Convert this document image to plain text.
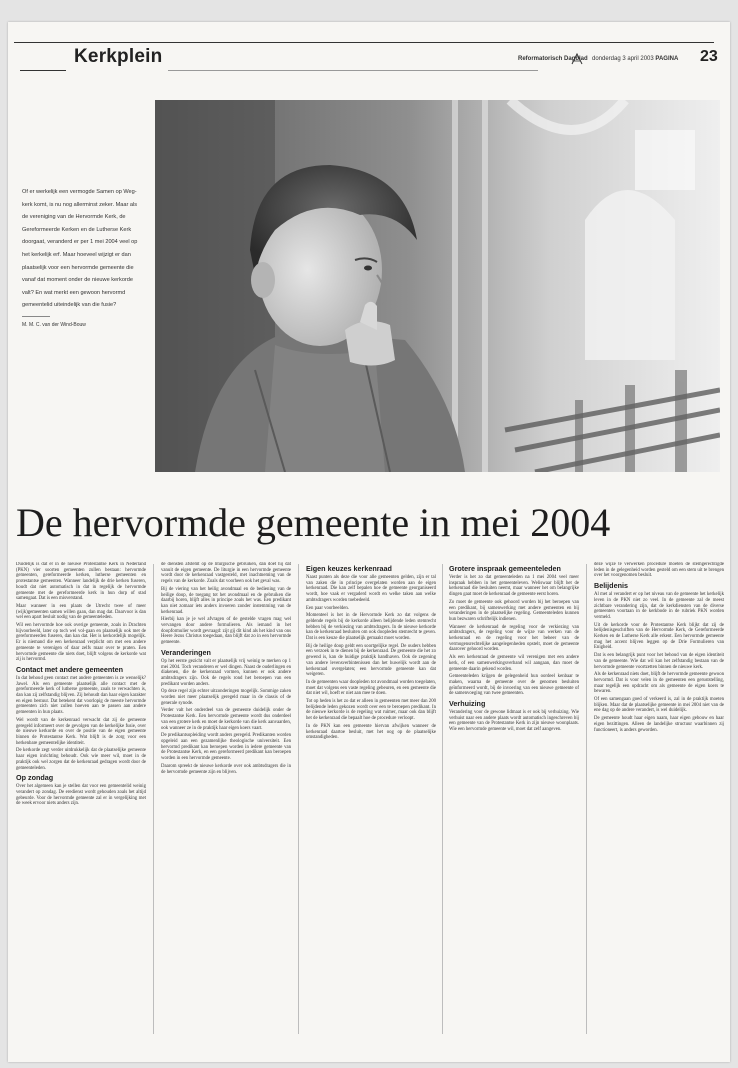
Kerkplein	Reformatorisch Dagblad donderdag 3 april 2003 PAGINA 23
Of er werkelijk een vermogde Samen op Weg-kerk komt, is nu nog allerminst zeker. Maar als de vereniging van de Hervormde Kerk, de Gereformeerde Kerken en de Lutherse Kerk doorgaat, veranderd er per 1 mei 2004 veel op het kerkelijk erf. Maar hoeveel wijzigt er dan plaatselijk voor een hervormde gemeente die vanaf dat moment onder de nieuwe kerkorde valt? En wat merkt een gewoon hervormd gemeentelid uiteindelijk van die fusie?
M. M. C. van der Wind-Bouw
De hervormde gemeente in mei 2004

Duidelijk is dat er in de nieuwe Protestantse Kerk in Nederland (PKN) vier soorten gemeenten zullen bestaan: hervormde gemeenten, gereformeerde kerken, lutherse gemeenten en protestantse gemeenten. Wanneer landelijk de drie kerken fuseren, houdt dat niet automatisch in dat in regelijk de hervormde gemeente met de gereformeerde kerk in hun dorp of stad samengaat. Dat is een misverstand.

Maar wanneer in een plaats de Utrecht twee of meer (wijk)gemeenten samen willen gaan, dan mag dat. Daarvoor is dan wel een apart besluit nodig van de gemeenteleden.

Wil een hervormde hoe ook overige gemeente, zoals in Drachten hijvoorbeeld, later op toch wel vol-gaan en plaatselijk ook met de gereformeerden fuseren, dan kan dat. Het is kerkordelijk mogelijk. Er is niemand die een kerkenraad verplicht om met een andere gemeente te verenigen of daar zelfs maar over te praten. Een hervormde gemeente die niets doet, blijft volgens de kerkorde wat zij is hervormd.

Contact met andere gemeenten

In dat behoud geen contact met andere gemeenten is ze wenselijk? Jawel. Als een gemeente plaatselijk alle contact met de gereformeerde kerk of lutherse gemeente, zoals te verwachten is, dan kan zij zelfstandig blijven. Zij behoudt dan haar eigen karakter en eigen bestuur. Dat betekent dat voorlopig de meeste hervormde gemeenten zich niet zullen hoeven aan te passen aan andere gemeenten in hun plaats.

Wel wordt van de kerkenraad verwacht dat zij de gemeente geregeld informeert over de gevolgen van de kerkelijke fusie, over de nieuwe kerkorde en over de positie van de eigen gemeente binnen de Protestantse Kerk. Wat blijft is de zorg voor een herkenbare gemeentelijke identiteit.

De kerkorde zegt verder uitdrukkelijk dat de plaatselijke gemeente haar eigen inrichting behoudt. Ook wie meer wil, moet in de praktijk ook wel zorgen dat de kerkenraad gedragen wordt door de gemeenteleden.

Op zondag

Over het algemeen kan je stellen dat voor een gemeentelid weinig verandert op zondag. De eredienst wordt gehouden zoals het altijd gebeurde. Voor de hervormde gemeente zal er in vergelijking met de week ervoor niets anders zijn.

de diensten afstemt op de liturgische gebruiken, dan doet hij dat vanuit de eigen gemeente. De liturgie in een hervormde gemeente wordt door de kerkenraad vastgesteld, met inachtneming van de regels van de kerkorde. Zoals dat voorheen ook het geval was.

Bij de viering van het heilig avondmaal en de bediening van de heilige doop, de toegang tot het avondmaal en de gebruiken die daarbij horen, blijft alles in principe zoals het was. Een predikant kan niet zomaar iets anders invoeren zonder instemming van de kerkenraad.

Hierbij kan je je wel afvragen of de gestelde vragen mag wel vervangen door andere formulieren. Als iemand in het doopformulier wordt gevraagd: zijt gij dit kind als het kind van ons Heere Jezus Christus toegedaan, dan blijft dat zo in een hervormde gemeente.

Veranderingen

Op het eerste gezicht valt er plaatselijk vrij weinig te merken op 1 mei 2004. Toch veranderen er wel dingen. Naast de ouderlingen en diakenen, die de kerkenraad vormen, kunnen er ook andere ambtsdragers zijn. Ook de regels rond het beroepen van een predikant worden anders.

Op deze regel zijn echter uitzonderingen mogelijk. Sommige zaken worden niet meer plaatselijk geregeld maar in de classis of de generale synode.

Verder valt het onderdeel van de gemeente duidelijk onder de Protestantse Kerk. Een hervormde gemeente wordt dus onderdeel van een grotere kerk en moet de kerkorde van die kerk aanvaarden, ook wanneer ze in de praktijk haar eigen koers vaart.

De predikantsopleiding wordt anders geregeld. Predikanten worden opgeleid aan een gezamenlijke theologische universiteit. Een hervormd predikant kan beroepen worden in iedere gemeente van de Protestantse Kerk, en een gereformeerd predikant kan beroepen worden in een hervormde gemeente.

Daarom spreekt de nieuwe kerkorde over ook ambtsdragers die in de hervormde gemeente zijn en blijven.

Eigen keuzes kerkenraad

Naast punten als deze die voor alle gemeenten gelden, zijn er tal van zaken die in principe overgelaten worden aan de eigen kerkenraad. Die kan zelf bepalen hoe de gemeente georganiseerd wordt, hoe vaak er vergaderd wordt en welke taken aan welke ambtsdragers worden toebedeeld.

Een paar voorbeelden.

Momenteel is het in de Hervormde Kerk zo dat volgens de geldende regels bij de kerkorde alleen belijdende leden stemrecht hebben bij de verkiezing van ambtsdragers. In de nieuwe kerkorde kan de kerkenraad besluiten om ook doopleden stemrecht te geven. Dat is een keuze die plaatselijk gemaakt moet worden.

Bij de heilige doop geldt een soortgelijke regel. De ouders hebben een verzoek in te dienen bij de kerkenraad. De gemeente die het zo gewend is, kan de huidige praktijk handhaven. Ook de zegening van andere levensverbintenissen dan het huwelijk wordt aan de kerkenraad overgelaten; een hervormde gemeente kan dat weigeren.

In de gemeenten waar doopleden tot avondmaal worden toegelaten, moet dat volgens een vaste regeling gebeuren, en een gemeente die dat niet wil, hoeft er niet aan mee te doen.

Tot op heden is het zo dat er alleen in gemeenten met meer dan 200 belijdende leden gekozen wordt over een te beroepen predikant. In de nieuwe kerkorde is de regeling wat ruimer, maar ook dan blijft het de kerkenraad die bepaalt hoe de procedure verloopt.

In de PKN kan een gemeente hiervan afwijken wanneer de kerkenraad daartoe besluit, met het oog op de plaatselijke omstandigheden.

Grotere inspraak gemeenteleden

Verder is het zo dat gemeenteleden na 1 mei 2004 veel meer inspraak hebben in het gemeenteleven. Weliswaar blijft het de kerkenraad die besluiten neemt, maar wanneer het om belangrijke dingen gaat moet de kerkenraad de gemeente eerst horen.

Zo moet de gemeente ook gehoord worden bij het beroepen van een predikant, bij samenwerking met andere gemeenten en bij veranderingen in de plaatselijke regeling. Gemeenteleden kunnen hun bezwaren schriftelijk indienen.

Wanneer de kerkenraad de regeling voor de verkiezing van ambtsdragers, de regeling voor de wijze van werken van de kerkenraad en de regeling voor het beheer van de vermogensrechtelijke aangelegenheden opstelt, moet de gemeente daarover gehoord worden.

Als een kerkenraad de gemeente wil verenigen met een andere kerk, of een samenwerkingsverband wil aangaan, dan moet de gemeente daarin gekend worden.

Gemeenteleden krijgen de gelegenheid hun oordeel kenbaar te maken, waarna de gemeente over de genomen besluiten geïnformeerd wordt, bij de invoering van een nieuwe gemeente of de samenvoeging van twee gemeenten.

Verhuizing

Verandering voor de gewone lidmaat is er ook bij verhuizing. Wie verhuist naar een andere plaats wordt automatisch ingeschreven bij een gemeente van de Protestantse Kerk in zijn nieuwe woonplaats. Wie een hervormde gemeente wil, moet dat zelf aangeven.

deze wijze te verwerken procedure moeten de stemgerechtigde leden in de gelegenheid worden gesteld om een stem uit te brengen over het voorgenomen besluit.

Belijdenis

Al met al verandert er op het niveau van de gemeente het kerkelijk leven in de PKN niet zo veel. In de gemeente zal de meest zichtbare verandering zijn, dat de kerkdiensten van de diverse gemeenten voortaan in de kerkbode in de rubriek PKN worden vermeld.

Uit de kerkorde voor de Protestantse Kerk blijkt dat zij de belijdenisgeschriften van de Hervormde Kerk, de Gereformeerde Kerken en de Lutherse Kerk alle erkent. Een hervormde gemeente mag het accent blijven leggen op de Drie Formulieren van Enigheid.

Dat is een belangrijk punt voor het behoud van de eigen identiteit van de gemeente. Wie dat wil kan het zelfstandig bestaan van de hervormde gemeente voortzetten binnen de nieuwe kerk.

Als de kerkenraad niets doet, blijft de hervormde gemeente gewoon hervormd. Dat is voor velen in de gemeenten een geruststelling, maar tegelijk een opdracht om als gemeente de eigen koers te bewaren.

Of een samengaan goed of verkeerd is, zal in de praktijk moeten blijken. Maar dat de plaatselijke gemeente in mei 2004 niet van de ene dag op de andere verandert, is wel duidelijk.

De gemeente houdt haar eigen naam, haar eigen gebouw en haar eigen bezittingen. Alleen de landelijke structuur waarbinnen zij functioneert, is anders geworden.
